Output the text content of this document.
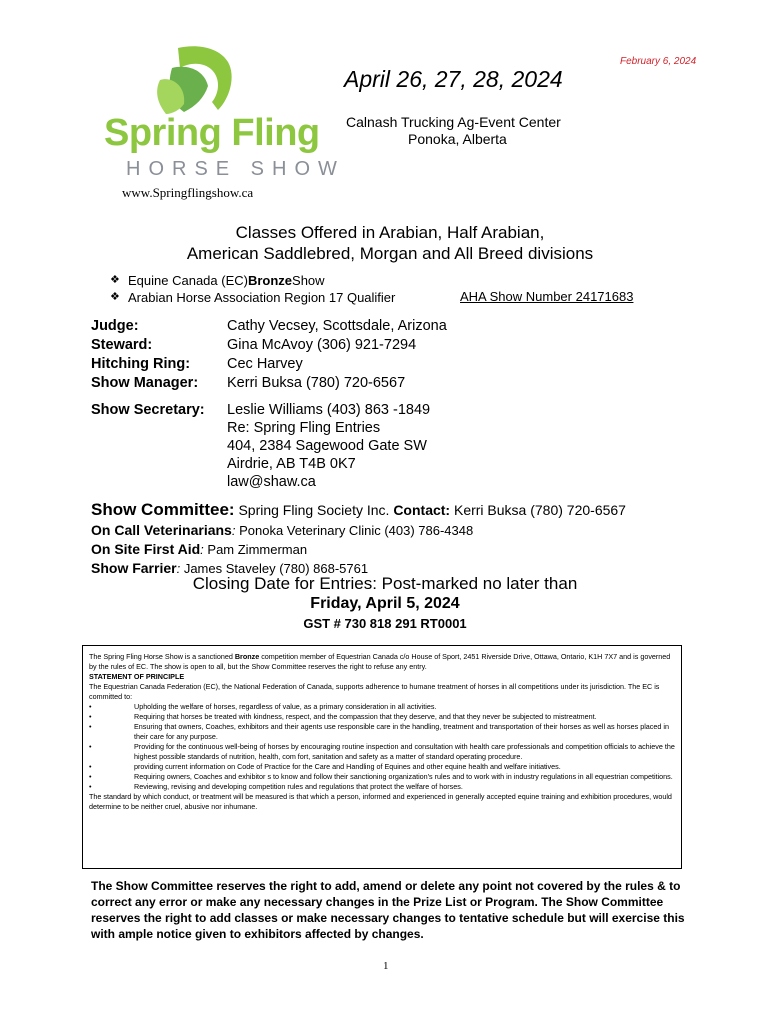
February 6, 2024
Spring Fling
HORSE SHOW
www.Springflingshow.ca
April 26, 27, 28, 2024
Calnash Trucking Ag-Event Center
Ponoka, Alberta
Classes Offered in Arabian, Half Arabian,
American Saddlebred, Morgan and All Breed divisions
❖ Equine Canada (EC) Bronze Show
❖ Arabian Horse Association Region 17 Qualifier	AHA Show Number 24171683
Judge:	Cathy Vecsey, Scottsdale, Arizona
Steward:	Gina McAvoy (306) 921-7294
Hitching Ring:	Cec Harvey
Show Manager:	Kerri Buksa (780) 720-6567
Show Secretary:	Leslie Williams (403) 863 -1849
Re: Spring Fling Entries
404, 2384 Sagewood Gate SW
Airdrie, AB T4B 0K7
law@shaw.ca
Show Committee: Spring Fling Society Inc. Contact: Kerri Buksa (780) 720-6567
On Call Veterinarians: Ponoka Veterinary Clinic (403) 786-4348
On Site First Aid: Pam Zimmerman
Show Farrier: James Staveley (780) 868-5761
Closing Date for Entries: Post-marked no later than
Friday, April 5, 2024
GST # 730 818 291 RT0001

The Spring Fling Horse Show is a sanctioned Bronze competition member of Equestrian Canada c/o House of Sport, 2451 Riverside Drive, Ottawa, Ontario, K1H 7X7 and is governed by the rules of EC. The show is open to all, but the Show Committee reserves the right to refuse any entry.

STATEMENT OF PRINCIPLE

The Equestrian Canada Federation (EC), the National Federation of Canada, supports adherence to humane treatment of horses in all competitions under its jurisdiction. The EC is committed to:

•	Upholding the welfare of horses, regardless of value, as a primary consideration in all activities.
•	Requiring that horses be treated with kindness, respect, and the compassion that they deserve, and that they never be subjected to mistreatment.
•	Ensuring that owners, Coaches, exhibitors and their agents use responsible care in the handling, treatment and transportation of their horses as well as horses placed in their care for any purpose.
•	Providing for the continuous well-being of horses by encouraging routine inspection and consultation with health care professionals and competition officials to achieve the highest possible standards of nutrition, health, com fort, sanitation and safety as a matter of standard operating procedure.
•	providing current information on Code of Practice for the Care and Handling of Equines and other equine health and welfare initiatives.
•	Requiring owners, Coaches and exhibitor s to know and follow their sanctioning organization's rules and to work with in industry regulations in all equestrian competitions.
•	Reviewing, revising and developing competition rules and regulations that protect the welfare of horses.

The standard by which conduct, or treatment will be measured is that which a person, informed and experienced in generally accepted equine training and exhibition procedures, would determine to be neither cruel, abusive nor inhumane.

The Show Committee reserves the right to add, amend or delete any point not covered by the rules & to correct any error or make any necessary changes in the Prize List or Program. The Show Committee reserves the right to add classes or make necessary changes to tentative schedule but will exercise this with ample notice given to exhibitors affected by changes.
1
